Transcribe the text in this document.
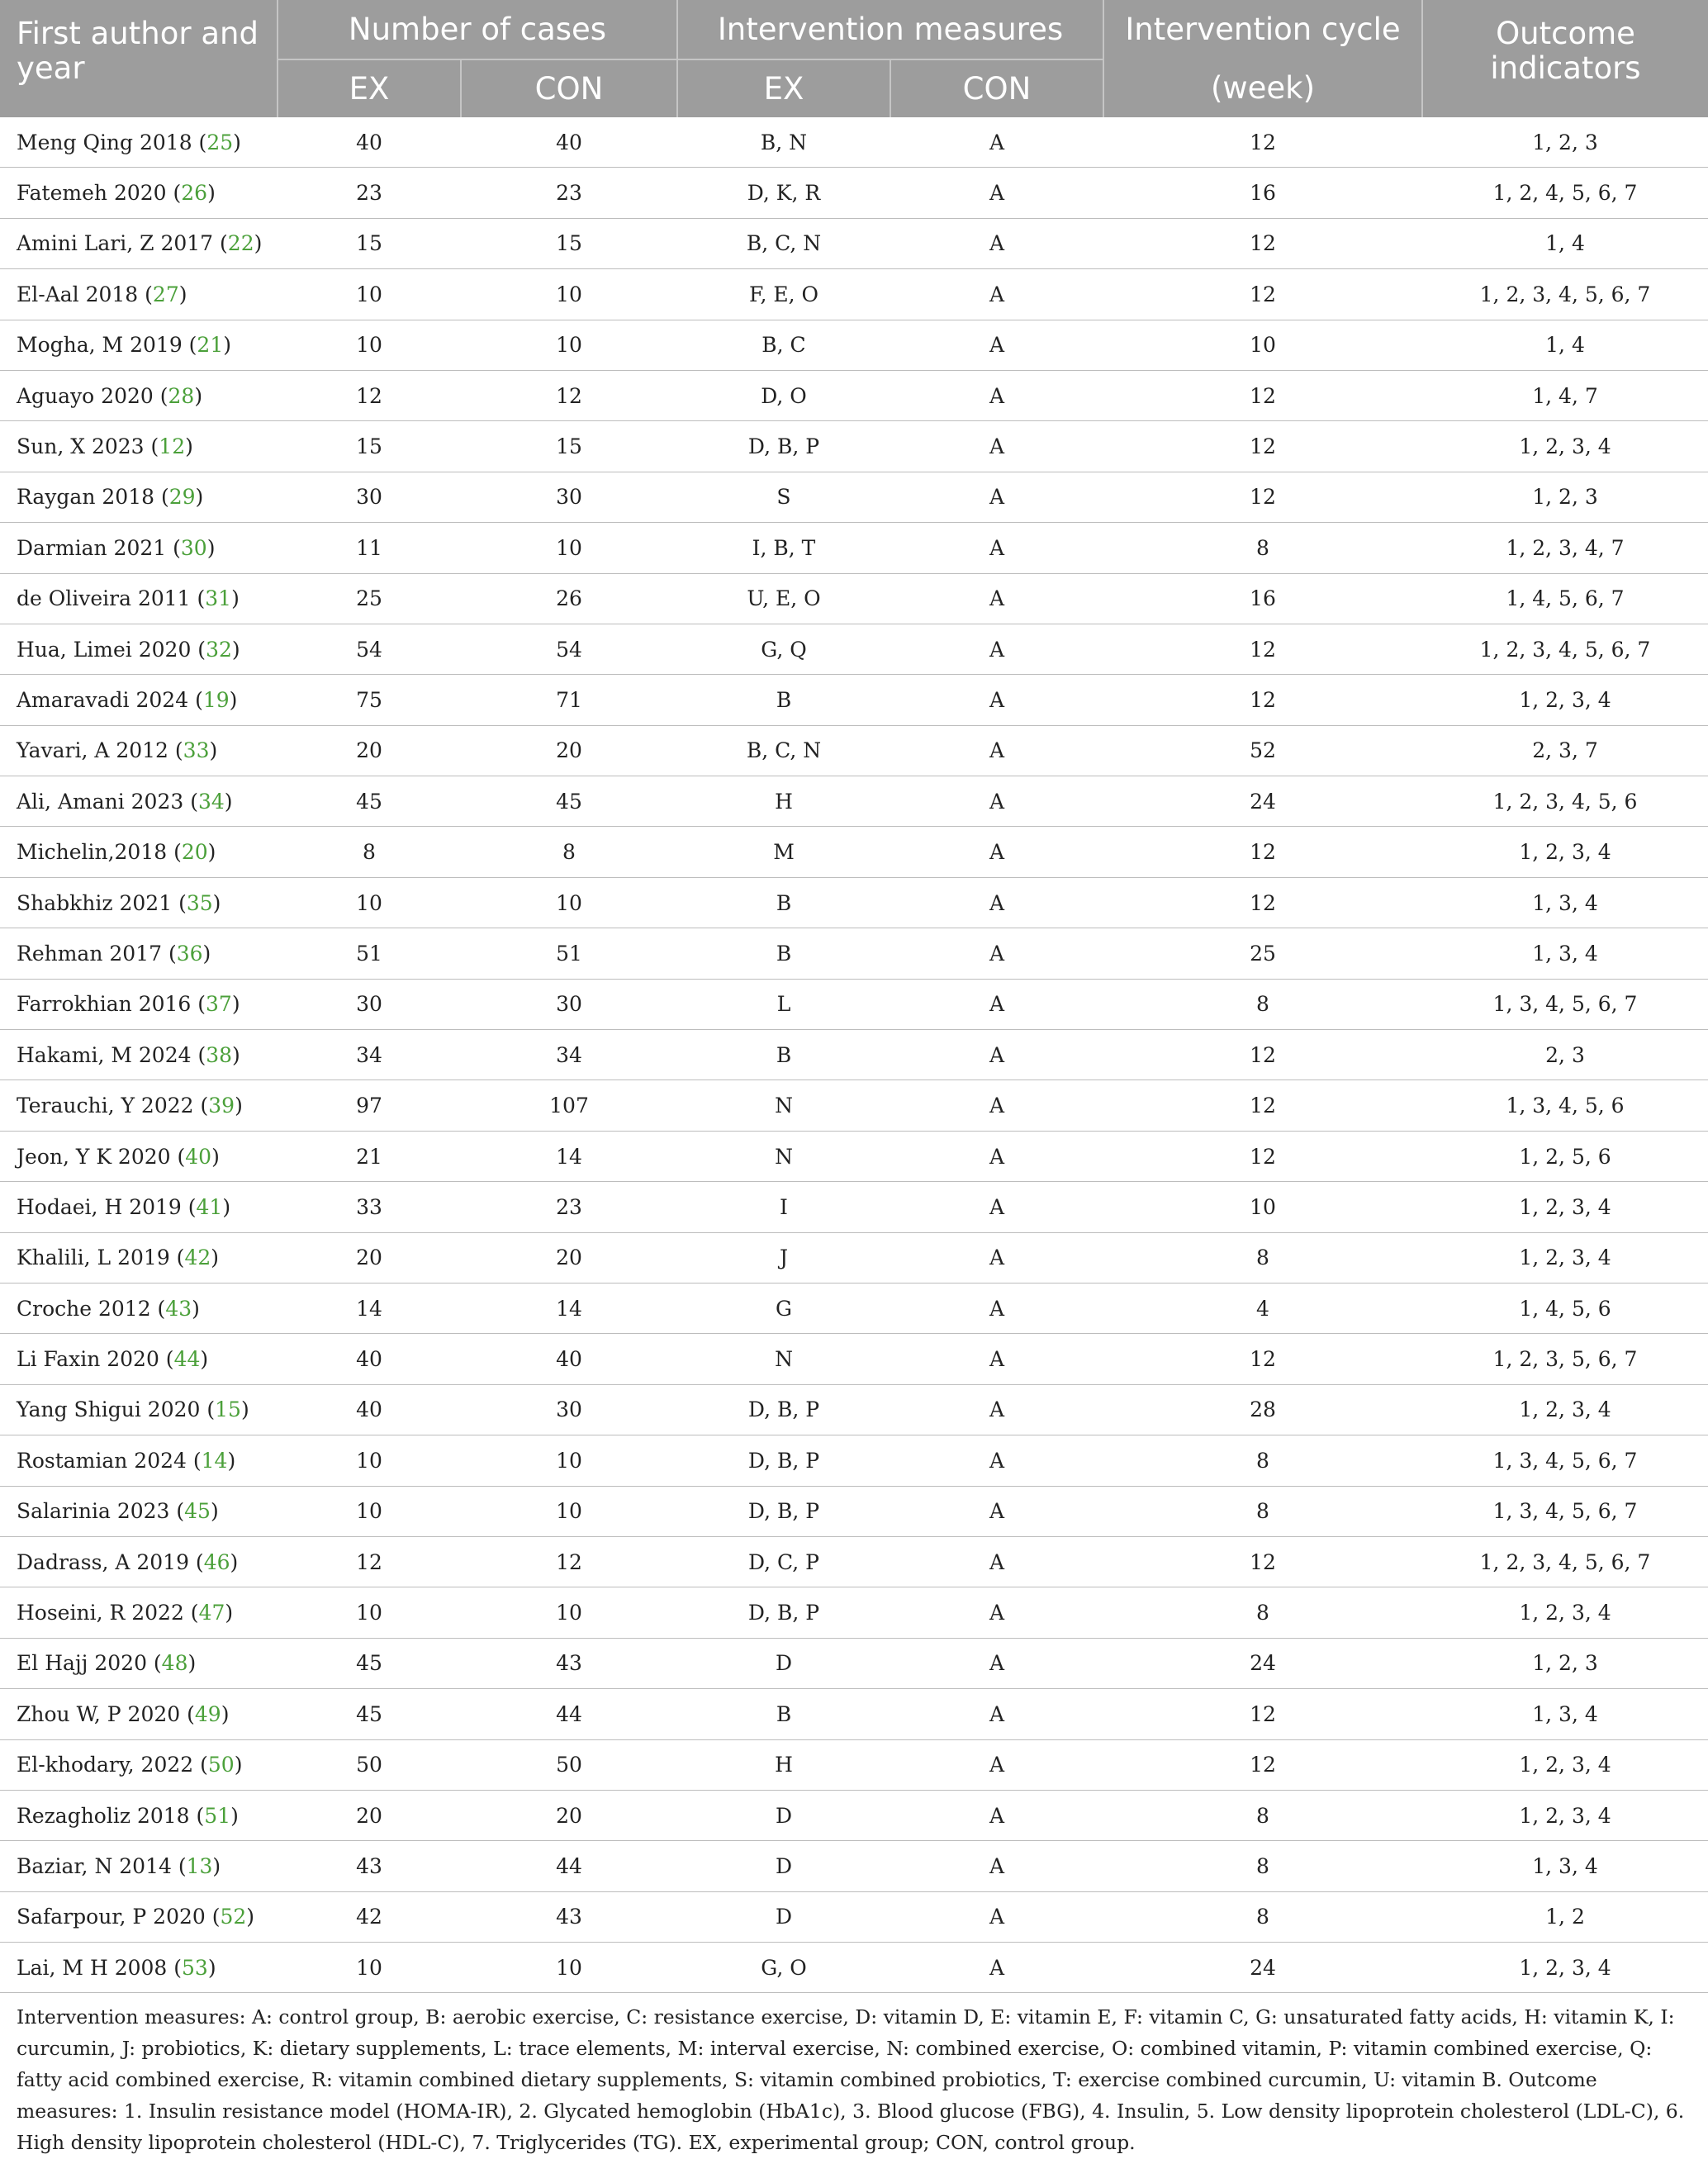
First author and year	Number of cases		Intervention measures		Intervention cycle	Outcome indicators
	EX	CON	EX	CON	(week)	
Meng Qing 2018 (25)	40	40	B, N	A	12	1, 2, 3
Fatemeh 2020 (26)	23	23	D, K, R	A	16	1, 2, 4, 5, 6, 7
Amini Lari, Z 2017 (22)	15	15	B, C, N	A	12	1, 4
El-Aal 2018 (27)	10	10	F, E, O	A	12	1, 2, 3, 4, 5, 6, 7
Mogha, M 2019 (21)	10	10	B, C	A	10	1, 4
Aguayo 2020 (28)	12	12	D, O	A	12	1, 4, 7
Sun, X 2023 (12)	15	15	D, B, P	A	12	1, 2, 3, 4
Raygan 2018 (29)	30	30	S	A	12	1, 2, 3
Darmian 2021 (30)	11	10	I, B, T	A	8	1, 2, 3, 4, 7
de Oliveira 2011 (31)	25	26	U, E, O	A	16	1, 4, 5, 6, 7
Hua, Limei 2020 (32)	54	54	G, Q	A	12	1, 2, 3, 4, 5, 6, 7
Amaravadi 2024 (19)	75	71	B	A	12	1, 2, 3, 4
Yavari, A 2012 (33)	20	20	B, C, N	A	52	2, 3, 7
Ali, Amani 2023 (34)	45	45	H	A	24	1, 2, 3, 4, 5, 6
Michelin,2018 (20)	8	8	M	A	12	1, 2, 3, 4
Shabkhiz 2021 (35)	10	10	B	A	12	1, 3, 4
Rehman 2017 (36)	51	51	B	A	25	1, 3, 4
Farrokhian 2016 (37)	30	30	L	A	8	1, 3, 4, 5, 6, 7
Hakami, M 2024 (38)	34	34	B	A	12	2, 3
Terauchi, Y 2022 (39)	97	107	N	A	12	1, 3, 4, 5, 6
Jeon, Y K 2020 (40)	21	14	N	A	12	1, 2, 5, 6
Hodaei, H 2019 (41)	33	23	I	A	10	1, 2, 3, 4
Khalili, L 2019 (42)	20	20	J	A	8	1, 2, 3, 4
Croche 2012 (43)	14	14	G	A	4	1, 4, 5, 6
Li Faxin 2020 (44)	40	40	N	A	12	1, 2, 3, 5, 6, 7
Yang Shigui 2020 (15)	40	30	D, B, P	A	28	1, 2, 3, 4
Rostamian 2024 (14)	10	10	D, B, P	A	8	1, 3, 4, 5, 6, 7
Salarinia 2023 (45)	10	10	D, B, P	A	8	1, 3, 4, 5, 6, 7
Dadrass, A 2019 (46)	12	12	D, C, P	A	12	1, 2, 3, 4, 5, 6, 7
Hoseini, R 2022 (47)	10	10	D, B, P	A	8	1, 2, 3, 4
El Hajj 2020 (48)	45	43	D	A	24	1, 2, 3
Zhou W, P 2020 (49)	45	44	B	A	12	1, 3, 4
El-khodary, 2022 (50)	50	50	H	A	12	1, 2, 3, 4
Rezagholiz 2018 (51)	20	20	D	A	8	1, 2, 3, 4
Baziar, N 2014 (13)	43	44	D	A	8	1, 3, 4
Safarpour, P 2020 (52)	42	43	D	A	8	1, 2
Lai, M H 2008 (53)	10	10	G, O	A	24	1, 2, 3, 4
Intervention measures: A: control group, B: aerobic exercise, C: resistance exercise, D: vitamin D, E: vitamin E, F: vitamin C, G: unsaturated fatty acids, H: vitamin K, I: curcumin, J: probiotics, K: dietary supplements, L: trace elements, M: interval exercise, N: combined exercise, O: combined vitamin, P: vitamin combined exercise, Q: fatty acid combined exercise, R: vitamin combined dietary supplements, S: vitamin combined probiotics, T: exercise combined curcumin, U: vitamin B. Outcome measures: 1. Insulin resistance model (HOMA-IR), 2. Glycated hemoglobin (HbA1c), 3. Blood glucose (FBG), 4. Insulin, 5. Low density lipoprotein cholesterol (LDL-C), 6. High density lipoprotein cholesterol (HDL-C), 7. Triglycerides (TG). EX, experimental group; CON, control group.
